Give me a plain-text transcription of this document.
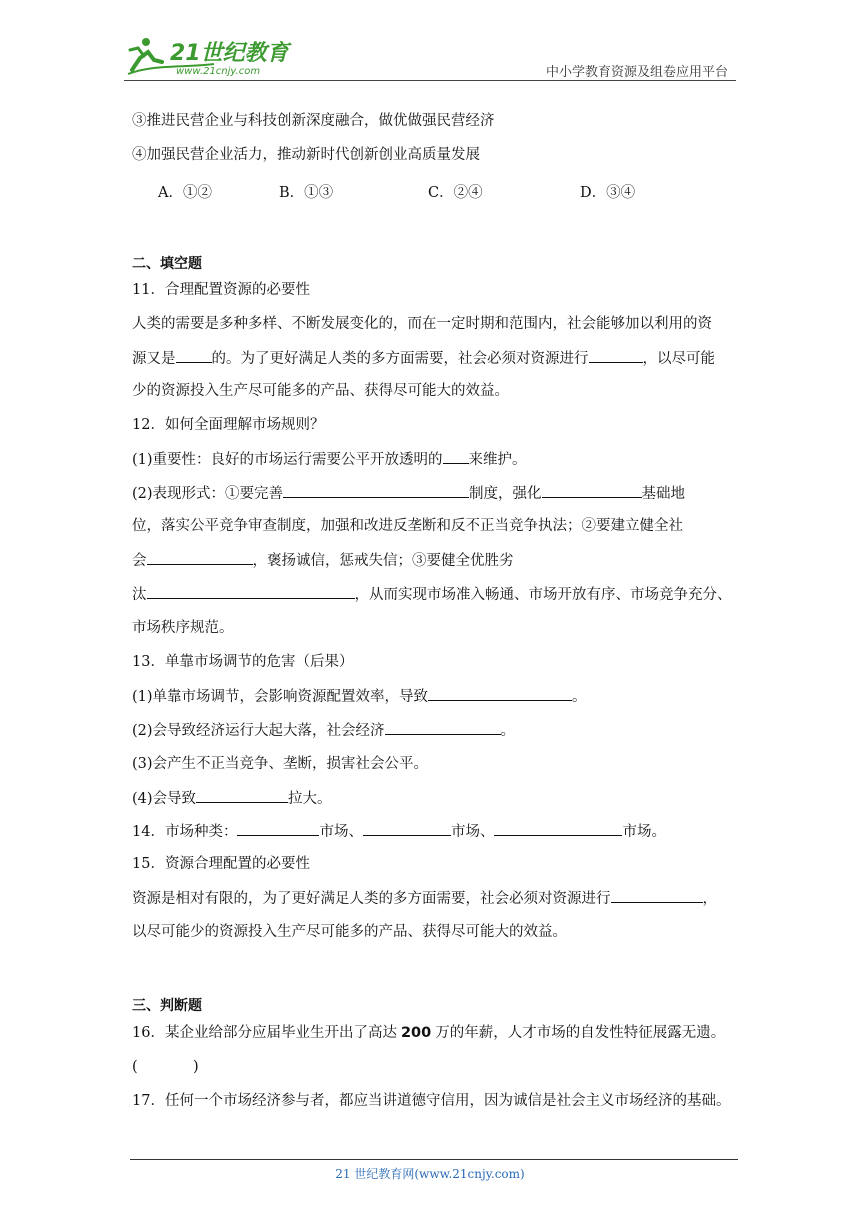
21世纪教育
www.21cnjy.com	中小学教育资源及组卷应用平台
③推进民营企业与科技创新深度融合，做优做强民营经济
④加强民营企业活力，推动新时代创新创业高质量发展
A．①②	B．①③	C．②④	D．③④
二、填空题
11．合理配置资源的必要性
人类的需要是多种多样、不断发展变化的，而在一定时期和范围内，社会能够加以利用的资
源又是 的。为了更好满足人类的多方面需要，社会必须对资源进行	，以尽可能
少的资源投入生产尽可能多的产品、获得尽可能大的效益。
12．如何全面理解市场规则？
(1)重要性：良好的市场运行需要公平开放透明的 来维护。
(2)表现形式：①要完善	制度，强化	基础地
位，落实公平竞争审查制度，加强和改进反垄断和反不正当竞争执法；②要建立健全社
会	，褒扬诚信，惩戒失信；③要健全优胜劣
汰	，从而实现市场准入畅通、市场开放有序、市场竞争充分、
市场秩序规范。
13．单靠市场调节的危害（后果）
(1)单靠市场调节，会影响资源配置效率，导致	。
(2)会导致经济运行大起大落，社会经济	。
(3)会产生不正当竞争、垄断，损害社会公平。
(4)会导致	拉大。
14．市场种类：	市场、	市场、	市场。
15．资源合理配置的必要性
资源是相对有限的，为了更好满足人类的多方面需要，社会必须对资源进行	，
以尽可能少的资源投入生产尽可能多的产品、获得尽可能大的效益。
三、判断题
16．某企业给部分应届毕业生开出了高达 200 万的年薪，人才市场的自发性特征展露无遗。
(            )
17．任何一个市场经济参与者，都应当讲道德守信用，因为诚信是社会主义市场经济的基础。
21 世纪教育网(www.21cnjy.com)
